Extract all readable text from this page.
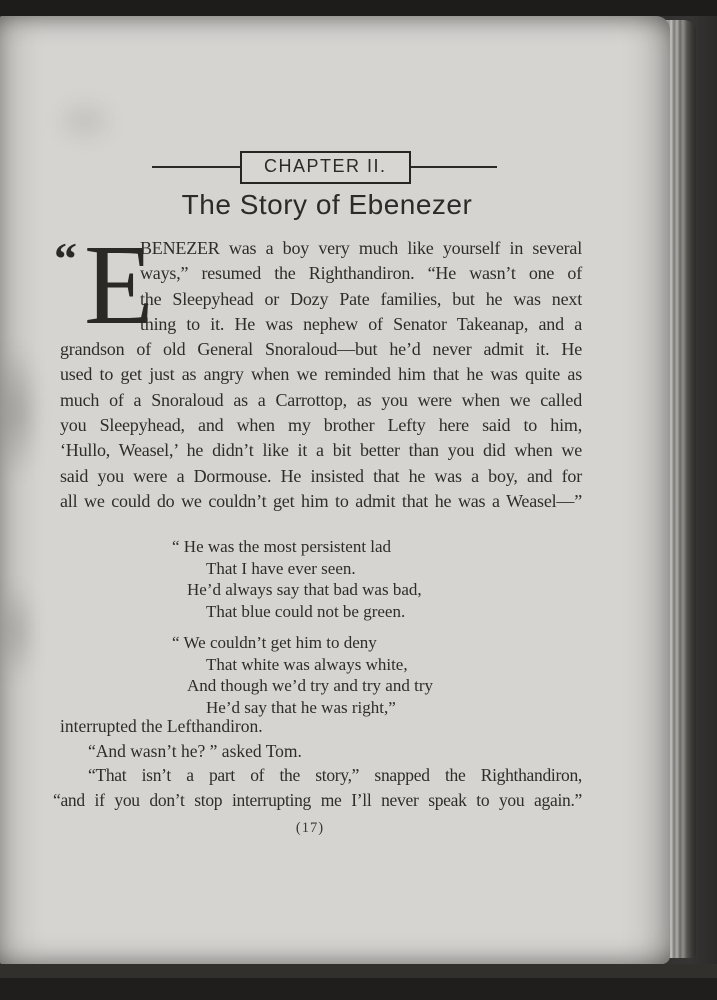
CHAPTER II.
The Story of Ebenezer
“ E
BENEZER was a boy very much like yourself in several
ways,” resumed the Righthandiron. “He wasn’t one of
the Sleepyhead or Dozy Pate families, but he was next
thing to it. He was nephew of Senator Takeanap, and a
grandson of old General Snoraloud—but he’d never admit it. He
used to get just as angry when we reminded him that he was quite as
much of a Snoraloud as a Carrottop, as you were when we called
you Sleepyhead, and when my brother Lefty here said to him,
‘Hullo, Weasel,’ he didn’t like it a bit better than you did when we
said you were a Dormouse. He insisted that he was a boy, and for
all we could do we couldn’t get him to admit that he was a Weasel—”
“ He was the most persistent lad
That I have ever seen.
He’d always say that bad was bad,
That blue could not be green.
“ We couldn’t get him to deny
That white was always white,
And though we’d try and try and try
He’d say that he was right,”
interrupted the Lefthandiron.
“And wasn’t he? ” asked Tom.
“That isn’t a part of the story,” snapped the Righthandiron,
“and if you don’t stop interrupting me I’ll never speak to you again.”
(17)
